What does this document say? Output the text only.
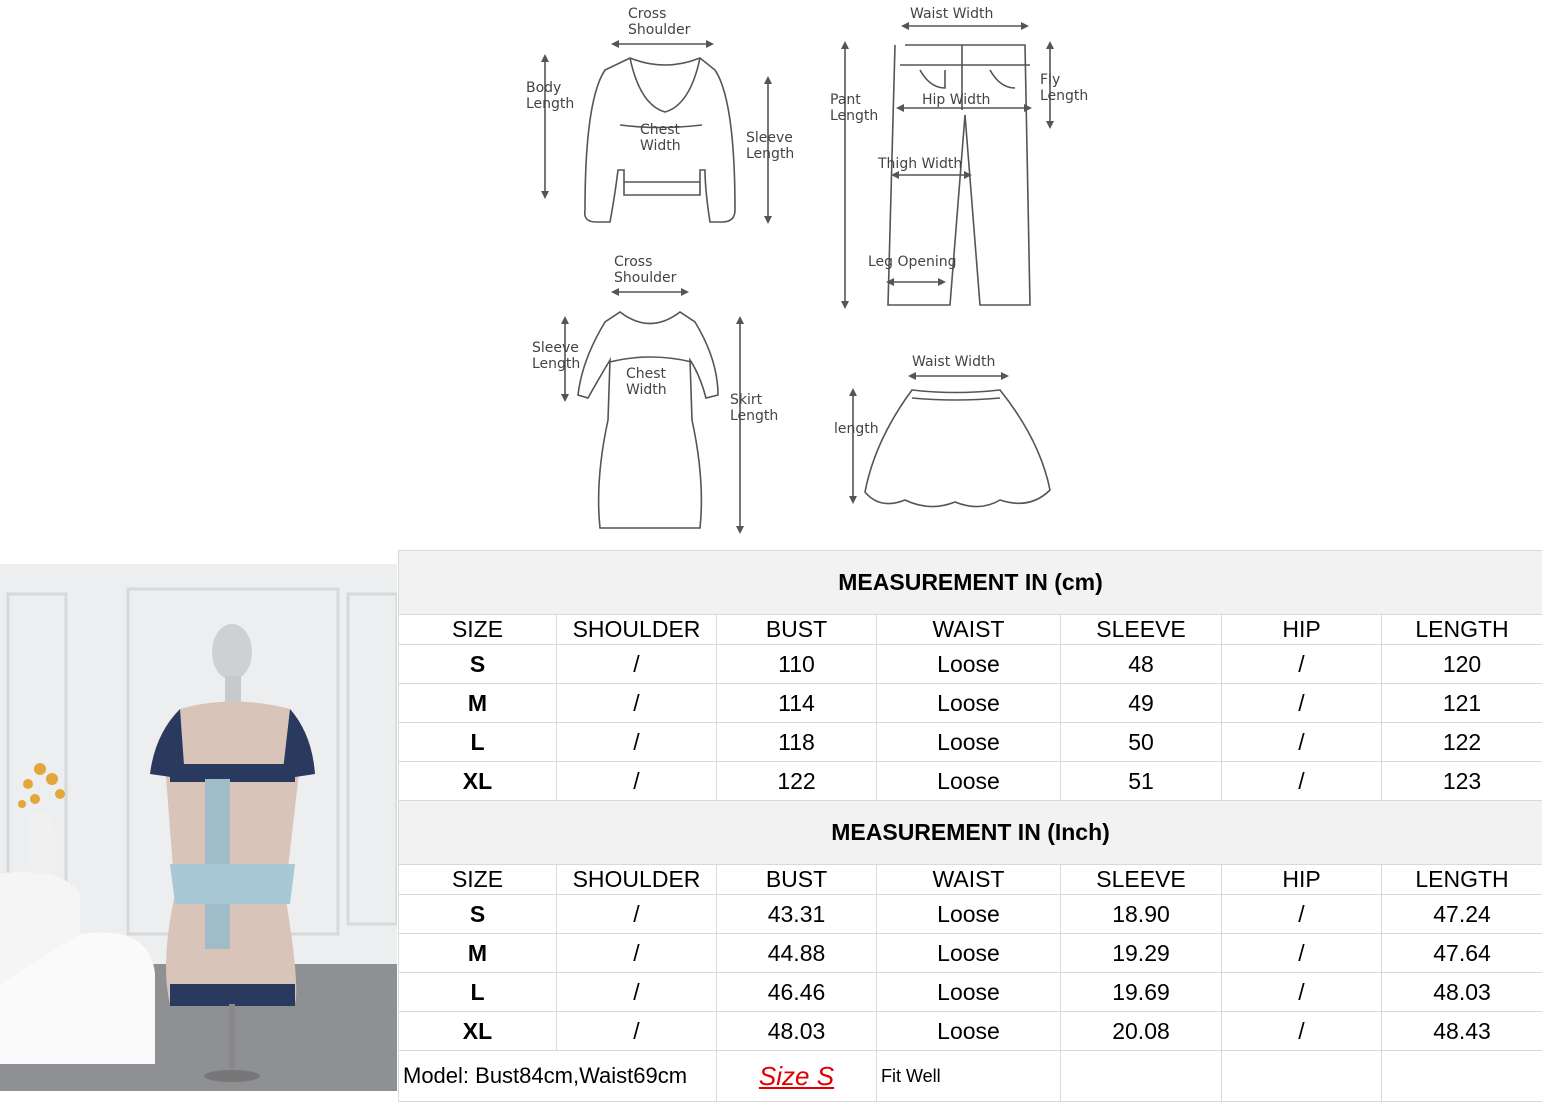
Cross
Shoulder
Body
Length
Chest
Width	Sleeve
Length
Waist Width
Fly
Length
Pant
Length
Hip Width
Thigh Width
Leg Opening
Cross
Shoulder
Sleeve
Length
Chest
Width
Skirt
Length
Waist Width
length
MEASUREMENT IN (cm)						
SIZE	SHOULDER	BUST	WAIST	SLEEVE	HIP	LENGTH
S	/	110	Loose	48	/	120
M	/	114	Loose	49	/	121
L	/	118	Loose	50	/	122
XL	/	122	Loose	51	/	123
MEASUREMENT IN (Inch)						
SIZE	SHOULDER	BUST	WAIST	SLEEVE	HIP	LENGTH
S	/	43.31	Loose	18.90	/	47.24
M	/	44.88	Loose	19.29	/	47.64
L	/	46.46	Loose	19.69	/	48.03
XL	/	48.03	Loose	20.08	/	48.43
Model: Bust84cm,Waist69cm		Size S	Fit Well			
